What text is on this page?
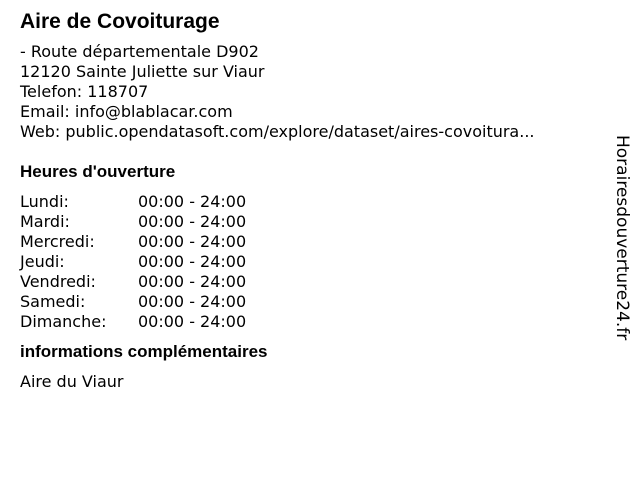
Aire de Covoiturage
- Route départementale D902
12120 Sainte Juliette sur Viaur
Telefon: 118707
Email: info@blablacar.com
Web: public.opendatasoft.com/explore/dataset/aires-covoitura...
Heures d'ouverture
Lundi:	00:00 - 24:00
Mardi:	00:00 - 24:00
Mercredi:	00:00 - 24:00
Jeudi:	00:00 - 24:00
Vendredi:	00:00 - 24:00
Samedi:	00:00 - 24:00
Dimanche:	00:00 - 24:00
informations complémentaires
Aire du Viaur
Horairesdouverture24.fr
